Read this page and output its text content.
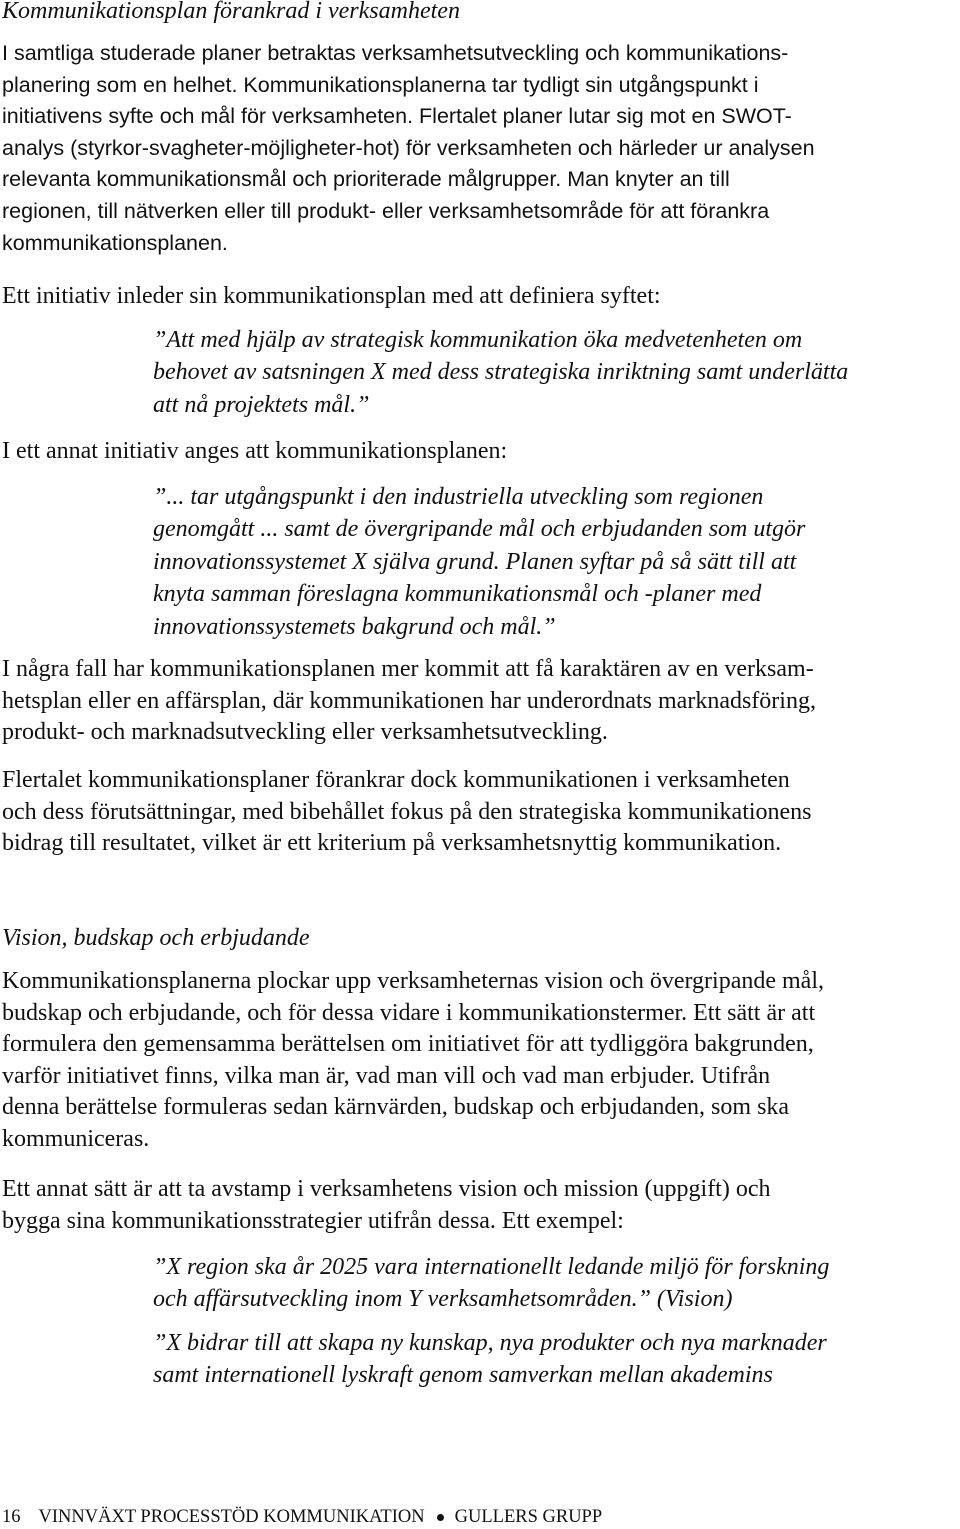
Kommunikationsplan förankrad i verksamheten

I samtliga studerade planer betraktas verksamhetsutveckling och kommunikations-
planering som en helhet. Kommunikationsplanerna tar tydligt sin utgångspunkt i
initiativens syfte och mål för verksamheten. Flertalet planer lutar sig mot en SWOT-
analys (styrkor-svagheter-möjligheter-hot) för verksamheten och härleder ur analysen
relevanta kommunikationsmål och prioriterade målgrupper. Man knyter an till
regionen, till nätverken eller till produkt- eller verksamhetsområde för att förankra
kommunikationsplanen.

Ett initiativ inleder sin kommunikationsplan med att definiera syftet:

”Att med hjälp av strategisk kommunikation öka medvetenheten om
behovet av satsningen X med dess strategiska inriktning samt underlätta
att nå projektets mål.”

I ett annat initiativ anges att kommunikationsplanen:

”... tar utgångspunkt i den industriella utveckling som regionen
genomgått ... samt de övergripande mål och erbjudanden som utgör
innovationssystemet X själva grund. Planen syftar på så sätt till att
knyta samman föreslagna kommunikationsmål och -planer med
innovationssystemets bakgrund och mål.”

I några fall har kommunikationsplanen mer kommit att få karaktären av en verksam-
hetsplan eller en affärsplan, där kommunikationen har underordnats marknadsföring,
produkt- och marknadsutveckling eller verksamhetsutveckling.

Flertalet kommunikationsplaner förankrar dock kommunikationen i verksamheten
och dess förutsättningar, med bibehållet fokus på den strategiska kommunikationens
bidrag till resultatet, vilket är ett kriterium på verksamhetsnyttig kommunikation.

Vision, budskap och erbjudande

Kommunikationsplanerna plockar upp verksamheternas vision och övergripande mål,
budskap och erbjudande, och för dessa vidare i kommunikationstermer. Ett sätt är att
formulera den gemensamma berättelsen om initiativet för att tydliggöra bakgrunden,
varför initiativet finns, vilka man är, vad man vill och vad man erbjuder. Utifrån
denna berättelse formuleras sedan kärnvärden, budskap och erbjudanden, som ska
kommuniceras.

Ett annat sätt är att ta avstamp i verksamhetens vision och mission (uppgift) och
bygga sina kommunikationsstrategier utifrån dessa. Ett exempel:

”X region ska år 2025 vara internationellt ledande miljö för forskning
och affärsutveckling inom Y verksamhetsområden.” (Vision)

”X bidrar till att skapa ny kunskap, nya produkter och nya marknader
samt internationell lyskraft genom samverkan mellan akademins

16 VINNVÄXT PROCESSTÖD KOMMUNIKATION GULLERS GRUPP
